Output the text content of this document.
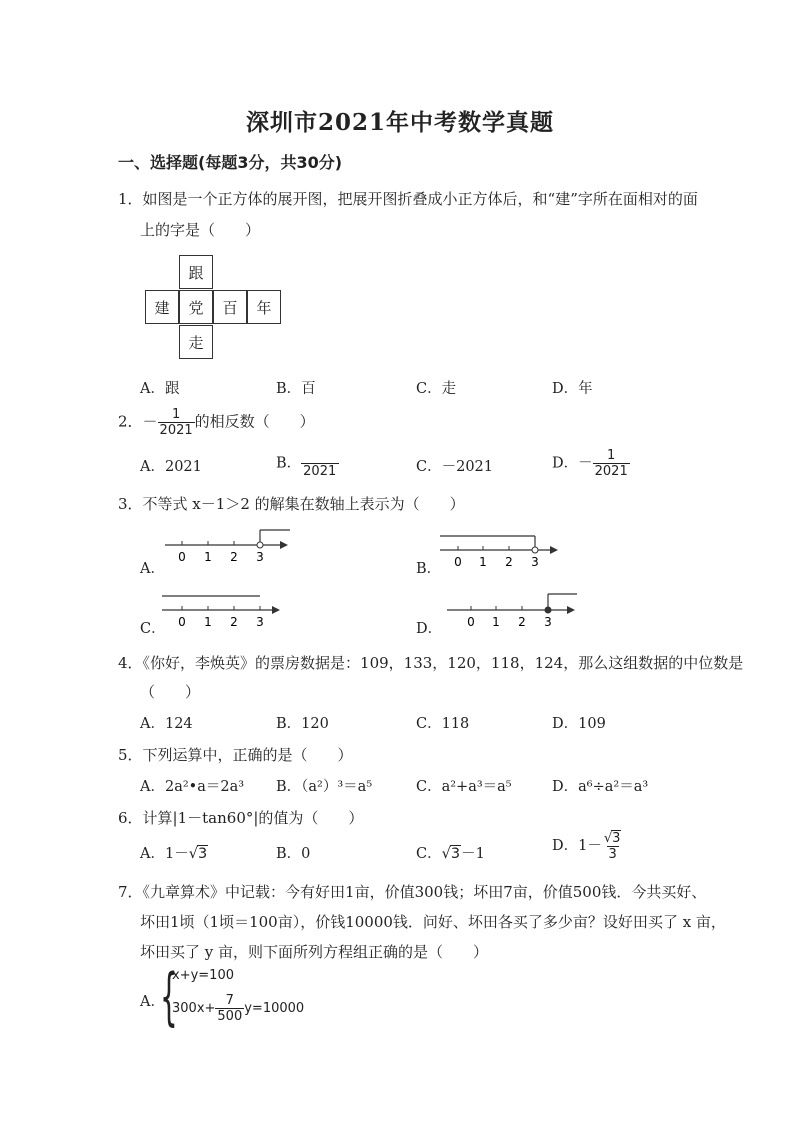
深圳市2021年中考数学真题
一、选择题(每题3分，共30分)
1．如图是一个正方体的展开图，把展开图折叠成小正方体后，和“建”字所在面相对的面
上的字是（　　）
跟
建	党	百	年
走
A．跟	B．百	C．走	D．年
2．－ $\frac{1}{2021}$ 的相反数（　　）
A．2021	B．
2021	C．－2021	D．－ $\frac{1}{2021}$
3．不等式 x－1＞2 的解集在数轴上表示为（　　）
A．	B．
C．	D．
0 1 2 3	0 1 2 3
0 1 2 3	0 1 2 3
4．《你好，李焕英》的票房数据是：109，133，120，118，124，那么这组数据的中位数是
（　　）
A．124	B．120	C．118	D．109
5．下列运算中，正确的是（　　）
A．2a²•a＝2a³ B．（a²）³＝a⁵	C．a²+a³＝a⁵	D．a⁶÷a²＝a³
6．计算|1－tan60°|的值为（　　）
A．1－√3	B．0	C．√3－1	D．$1- \frac{√3}{3}$
7．《九章算术》中记载：今有好田1亩，价值300钱；坏田7亩，价值500钱．今共买好、
坏田1顷（1顷＝100亩），价钱10000钱．问好、坏田各买了多少亩？设好田买了 x 亩，
坏田买了 y 亩，则下面所列方程组正确的是（　　）
A．
{
x+y=100
$300x+ \frac{7}{500} y=10000$
